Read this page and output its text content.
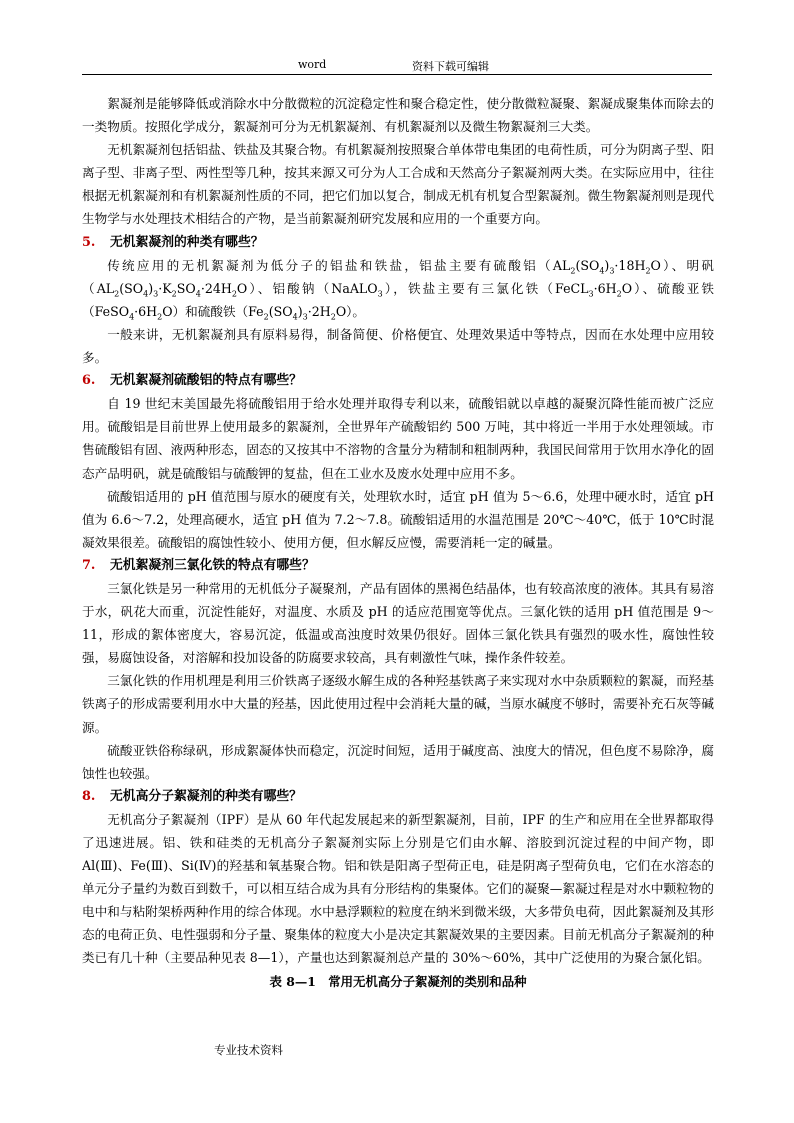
word	资料下载可编辑

絮凝剂是能够降低或消除水中分散微粒的沉淀稳定性和聚合稳定性，使分散微粒凝聚、絮凝成聚集体而除去的一类物质。按照化学成分，絮凝剂可分为无机絮凝剂、有机絮凝剂以及微生物絮凝剂三大类。

无机絮凝剂包括铝盐、铁盐及其聚合物。有机絮凝剂按照聚合单体带电集团的电荷性质，可分为阴离子型、阳离子型、非离子型、两性型等几种，按其来源又可分为人工合成和天然高分子絮凝剂两大类。在实际应用中，往往根据无机絮凝剂和有机絮凝剂性质的不同，把它们加以复合，制成无机有机复合型絮凝剂。微生物絮凝剂则是现代生物学与水处理技术相结合的产物，是当前絮凝剂研究发展和应用的一个重要方向。

5. 无机絮凝剂的种类有哪些？

传统应用的无机絮凝剂为低分子的铝盐和铁盐，铝盐主要有硫酸铝$(AL_2(SO_4)_3\cdot 18H_2O)$、明矾$(AL_2(SO_4)_3\cdot K_2SO_4\cdot 24H_2O)$、铝酸钠（NaALO$_3$），铁盐主要有三氯化铁$(FeCL_3\cdot 6H_2O)$、硫酸亚铁$(FeSO_4\cdot 6H_2O)$和硫酸铁$(Fe_2(SO_4)_3\cdot 2H_2O)$。

一般来讲，无机絮凝剂具有原料易得，制备简便、价格便宜、处理效果适中等特点，因而在水处理中应用较多。

6. 无机絮凝剂硫酸铝的特点有哪些？

自 19 世纪末美国最先将硫酸铝用于给水处理并取得专利以来，硫酸铝就以卓越的凝聚沉降性能而被广泛应用。硫酸铝是目前世界上使用最多的絮凝剂，全世界年产硫酸铝约 500 万吨，其中将近一半用于水处理领域。市售硫酸铝有固、液两种形态，固态的又按其中不溶物的含量分为精制和粗制两种，我国民间常用于饮用水净化的固态产品明矾，就是硫酸铝与硫酸钾的复盐，但在工业水及废水处理中应用不多。

硫酸铝适用的 pH 值范围与原水的硬度有关，处理软水时，适宜 pH 值为 5～6.6，处理中硬水时，适宜 pH 值为 6.6～7.2，处理高硬水，适宜 pH 值为 7.2～7.8。硫酸铝适用的水温范围是 20℃～40℃，低于 10℃时混凝效果很差。硫酸铝的腐蚀性较小、使用方便，但水解反应慢，需要消耗一定的碱量。

7. 无机絮凝剂三氯化铁的特点有哪些？

三氯化铁是另一种常用的无机低分子凝聚剂，产品有固体的黑褐色结晶体，也有较高浓度的液体。其具有易溶于水，矾花大而重，沉淀性能好，对温度、水质及 pH 的适应范围宽等优点。三氯化铁的适用 pH 值范围是 9～11，形成的絮体密度大，容易沉淀，低温或高浊度时效果仍很好。固体三氯化铁具有强烈的吸水性，腐蚀性较强，易腐蚀设备，对溶解和投加设备的防腐要求较高，具有刺激性气味，操作条件较差。

三氯化铁的作用机理是利用三价铁离子逐级水解生成的各种羟基铁离子来实现对水中杂质颗粒的絮凝，而羟基铁离子的形成需要利用水中大量的羟基，因此使用过程中会消耗大量的碱，当原水碱度不够时，需要补充石灰等碱源。

硫酸亚铁俗称绿矾，形成絮凝体快而稳定，沉淀时间短，适用于碱度高、浊度大的情况，但色度不易除净，腐蚀性也较强。

8. 无机高分子絮凝剂的种类有哪些？

无机高分子絮凝剂（IPF）是从 60 年代起发展起来的新型絮凝剂，目前，IPF 的生产和应用在全世界都取得了迅速进展。铝、铁和硅类的无机高分子絮凝剂实际上分别是它们由水解、溶胶到沉淀过程的中间产物，即 Al(Ⅲ)、Fe(Ⅲ)、Si(Ⅳ)的羟基和氧基聚合物。铝和铁是阳离子型荷正电，硅是阴离子型荷负电，它们在水溶态的单元分子量约为数百到数千，可以相互结合成为具有分形结构的集聚体。它们的凝聚—絮凝过程是对水中颗粒物的电中和与粘附架桥两种作用的综合体现。水中悬浮颗粒的粒度在纳米到微米级，大多带负电荷，因此絮凝剂及其形态的电荷正负、电性强弱和分子量、聚集体的粒度大小是决定其絮凝效果的主要因素。目前无机高分子絮凝剂的种类已有几十种（主要品种见表 8—1），产量也达到絮凝剂总产量的 30%～60%，其中广泛使用的为聚合氯化铝。

表 8—1　常用无机高分子絮凝剂的类别和品种
专业技术资料
